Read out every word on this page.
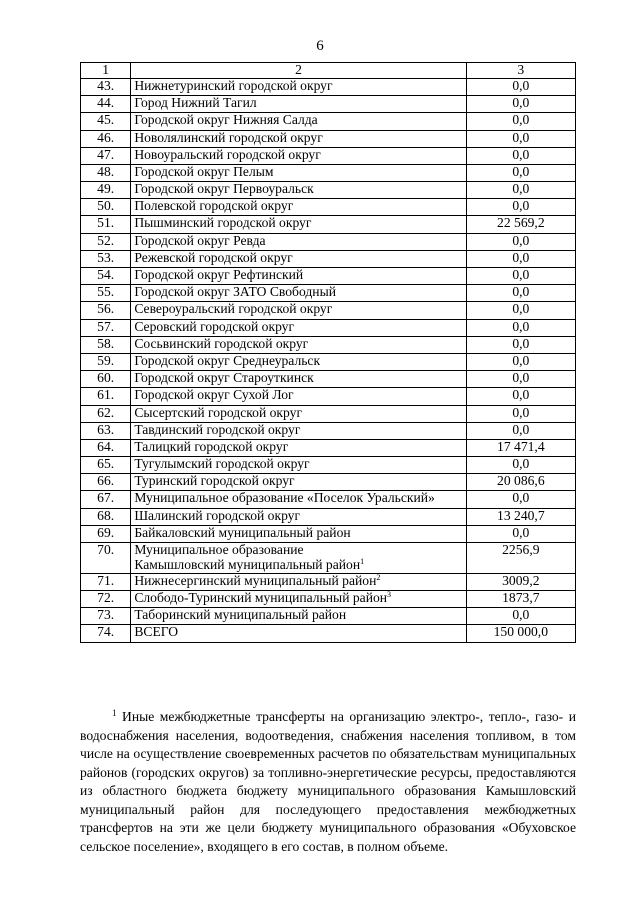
6
1	2	3
43.	Нижнетуринский городской округ	0,0
44.	Город Нижний Тагил	0,0
45.	Городской округ Нижняя Салда	0,0
46.	Новолялинский городской округ	0,0
47.	Новоуральский городской округ	0,0
48.	Городской округ Пелым	0,0
49.	Городской округ Первоуральск	0,0
50.	Полевской городской округ	0,0
51.	Пышминский городской округ	22 569,2
52.	Городской округ Ревда	0,0
53.	Режевской городской округ	0,0
54.	Городской округ Рефтинский	0,0
55.	Городской округ ЗАТО Свободный	0,0
56.	Североуральский городской округ	0,0
57.	Серовский городской округ	0,0
58.	Сосьвинский городской округ	0,0
59.	Городской округ Среднеуральск	0,0
60.	Городской округ Староуткинск	0,0
61.	Городской округ Сухой Лог	0,0
62.	Сысертский городской округ	0,0
63.	Тавдинский городской округ	0,0
64.	Талицкий городской округ	17 471,4
65.	Тугулымский городской округ	0,0
66.	Туринский городской округ	20 086,6
67.	Муниципальное образование «Поселок Уральский»	0,0
68.	Шалинский городской округ	13 240,7
69.	Байкаловский муниципальный район	0,0
70.	Муниципальное образование
Камышловский муниципальный район$^1$	2256,9
71.	Нижнесергинский муниципальный район$^2$	3009,2
72.	Слободо-Туринский муниципальный район$^3$	1873,7
73.	Таборинский муниципальный район	0,0
74.	ВСЕГО	150 000,0

$^1$ Иные межбюджетные трансферты на организацию электро-, тепло-, газо- и водоснабжения населения, водоотведения, снабжения населения топливом, в том числе на осуществление своевременных расчетов по обязательствам муниципальных районов (городских округов) за топливно-энергетические ресурсы, предоставляются из областного бюджета бюджету муниципального образования Камышловский муниципальный район для последующего предоставления межбюджетных трансфертов на эти же цели бюджету муниципального образования «Обуховское сельское поселение», входящего в его состав, в полном объеме.
